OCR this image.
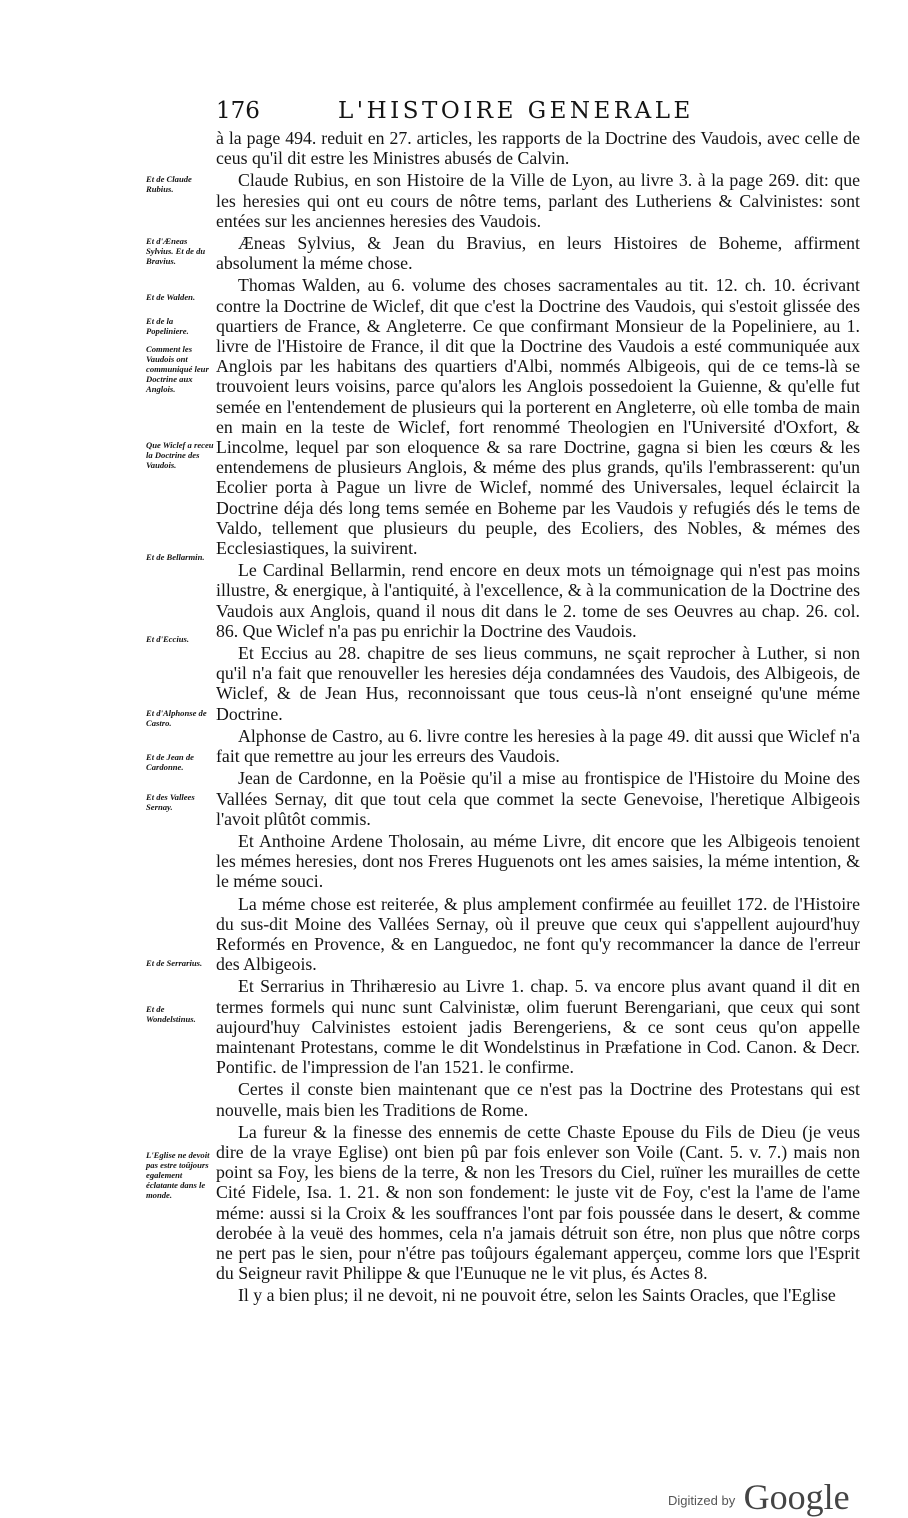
176	L'HISTOIRE GENERALE

à la page 494. reduit en 27. articles, les rapports de la Doctrine des Vaudois, avec celle de ceus qu'il dit estre les Ministres abusés de Calvin.

Claude Rubius, en son Histoire de la Ville de Lyon, au livre 3. à la page 269. dit: que les heresies qui ont eu cours de nôtre tems, parlant des Lutheriens & Calvinistes: sont entées sur les anciennes heresies des Vaudois.

Æneas Sylvius, & Jean du Bravius, en leurs Histoires de Boheme, affirment absolument la méme chose.

Thomas Walden, au 6. volume des choses sacramentales au tit. 12. ch. 10. écrivant contre la Doctrine de Wiclef, dit que c'est la Doctrine des Vaudois, qui s'estoit glissée des quartiers de France, & Angleterre. Ce que confirmant Monsieur de la Popeliniere, au 1. livre de l'Histoire de France, il dit que la Doctrine des Vaudois a esté communiquée aux Anglois par les habitans des quartiers d'Albi, nommés Albigeois, qui de ce tems-là se trouvoient leurs voisins, parce qu'alors les Anglois possedoient la Guienne, & qu'elle fut semée en l'entendement de plusieurs qui la porterent en Angleterre, où elle tomba de main en main en la teste de Wiclef, fort renommé Theologien en l'Université d'Oxfort, & Lincolme, lequel par son eloquence & sa rare Doctrine, gagna si bien les cœurs & les entendemens de plusieurs Anglois, & méme des plus grands, qu'ils l'embrasserent: qu'un Ecolier porta à Pague un livre de Wiclef, nommé des Universales, lequel éclaircit la Doctrine déja dés long tems semée en Boheme par les Vaudois y refugiés dés le tems de Valdo, tellement que plusieurs du peuple, des Ecoliers, des Nobles, & mémes des Ecclesiastiques, la suivirent.

Le Cardinal Bellarmin, rend encore en deux mots un témoignage qui n'est pas moins illustre, & energique, à l'antiquité, à l'excellence, & à la communication de la Doctrine des Vaudois aux Anglois, quand il nous dit dans le 2. tome de ses Oeuvres au chap. 26. col. 86. Que Wiclef n'a pas pu enrichir la Doctrine des Vaudois.

Et Eccius au 28. chapitre de ses lieus communs, ne sçait reprocher à Luther, si non qu'il n'a fait que renouveller les heresies déja condamnées des Vaudois, des Albigeois, de Wiclef, & de Jean Hus, reconnoissant que tous ceus-là n'ont enseigné qu'une méme Doctrine.

Alphonse de Castro, au 6. livre contre les heresies à la page 49. dit aussi que Wiclef n'a fait que remettre au jour les erreurs des Vaudois.

Jean de Cardonne, en la Poësie qu'il a mise au frontispice de l'Histoire du Moine des Vallées Sernay, dit que tout cela que commet la secte Genevoise, l'heretique Albigeois l'avoit plûtôt commis.

Et Anthoine Ardene Tholosain, au méme Livre, dit encore que les Albigeois tenoient les mémes heresies, dont nos Freres Huguenots ont les ames saisies, la méme intention, & le méme souci.

La méme chose est reiterée, & plus amplement confirmée au feuillet 172. de l'Histoire du sus-dit Moine des Vallées Sernay, où il preuve que ceux qui s'appellent aujourd'huy Reformés en Provence, & en Languedoc, ne font qu'y recommancer la dance de l'erreur des Albigeois.

Et Serrarius in Thrihæresio au Livre 1. chap. 5. va encore plus avant quand il dit en termes formels qui nunc sunt Calvinistæ, olim fuerunt Berengariani, que ceux qui sont aujourd'huy Calvinistes estoient jadis Berengeriens, & ce sont ceus qu'on appelle maintenant Protestans, comme le dit Wondelstinus in Præfatione in Cod. Canon. & Decr. Pontific. de l'impression de l'an 1521. le confirme.

Certes il conste bien maintenant que ce n'est pas la Doctrine des Protestans qui est nouvelle, mais bien les Traditions de Rome.

La fureur & la finesse des ennemis de cette Chaste Epouse du Fils de Dieu (je veus dire de la vraye Eglise) ont bien pû par fois enlever son Voile (Cant. 5. v. 7.) mais non point sa Foy, les biens de la terre, & non les Tresors du Ciel, ruïner les murailles de cette Cité Fidele, Isa. 1. 21. & non son fondement: le juste vit de Foy, c'est la l'ame de l'ame méme: aussi si la Croix & les souffrances l'ont par fois poussée dans le desert, & comme derobée à la veuë des hommes, cela n'a jamais détruit son étre, non plus que nôtre corps ne pert pas le sien, pour n'étre pas toûjours égalemant apperçeu, comme lors que l'Esprit du Seigneur ravit Philippe & que l'Eunuque ne le vit plus, és Actes 8.

Il y a bien plus; il ne devoit, ni ne pouvoit étre, selon les Saints Oracles, que l'Eglise

Et de Claude Rubius.
Et d'Æneas Sylvius. Et de du Bravius.
Et de Walden.
Et de la Popeliniere.
Comment les Vaudois ont communiqué leur Doctrine aux Anglois.
Que Wiclef a receu la Doctrine des Vaudois.
Et de Bellarmin.
Et d'Eccius.
Et d'Alphonse de Castro.
Et de Jean de Cardonne.
Et des Vallees Sernay.
Et de Serrarius.
Et de Wondelstinus.
L'Eglise ne devoit pas estre toûjours egalement éclatante dans le monde.
Digitized by Google
